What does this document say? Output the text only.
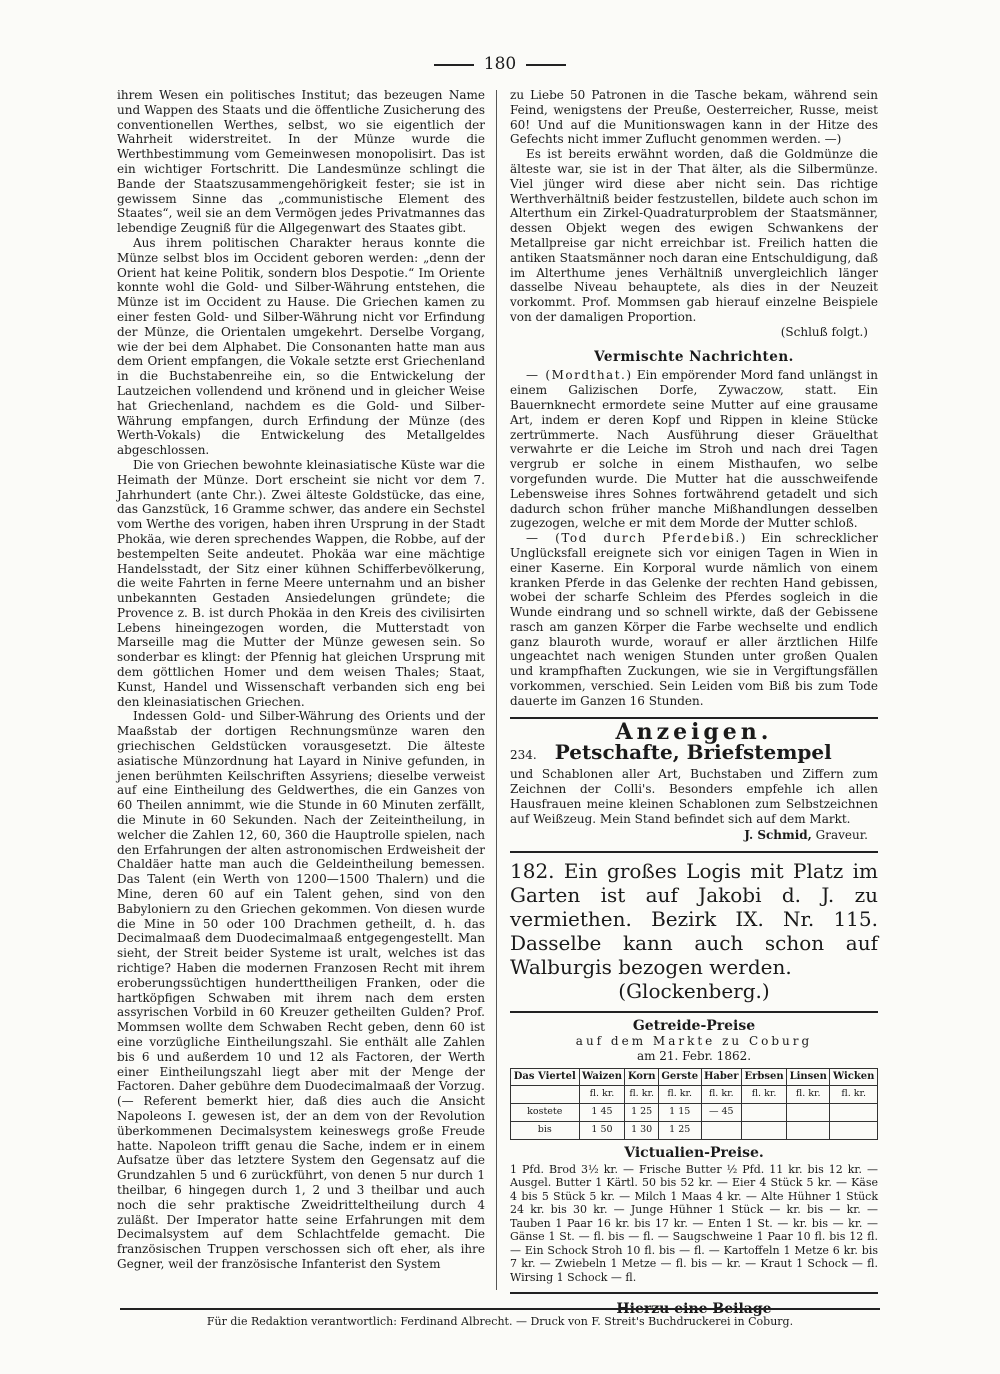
180

ihrem Wesen ein politisches Institut; das bezeugen Name und Wappen des Staats und die öffentliche Zusicherung des conventionellen Werthes, selbst, wo sie eigentlich der Wahrheit widerstreitet. In der Münze wurde die Werthbestimmung vom Gemeinwesen monopolisirt. Das ist ein wichtiger Fortschritt. Die Landesmünze schlingt die Bande der Staatszusammengehörigkeit fester; sie ist in gewissem Sinne das „communistische Element des Staates“, weil sie an dem Vermögen jedes Privatmannes das lebendige Zeugniß für die Allgegenwart des Staates gibt.

Aus ihrem politischen Charakter heraus konnte die Münze selbst blos im Occident geboren werden: „denn der Orient hat keine Politik, sondern blos Despotie.“ Im Oriente konnte wohl die Gold- und Silber-Währung entstehen, die Münze ist im Occident zu Hause. Die Griechen kamen zu einer festen Gold- und Silber-Währung nicht vor Erfindung der Münze, die Orientalen umgekehrt. Derselbe Vorgang, wie der bei dem Alphabet. Die Consonanten hatte man aus dem Orient empfangen, die Vokale setzte erst Griechenland in die Buchstabenreihe ein, so die Entwickelung der Lautzeichen vollendend und krönend und in gleicher Weise hat Griechenland, nachdem es die Gold- und Silber-Währung empfangen, durch Erfindung der Münze (des Werth-Vokals) die Entwickelung des Metallgeldes abgeschlossen.

Die von Griechen bewohnte kleinasiatische Küste war die Heimath der Münze. Dort erscheint sie nicht vor dem 7. Jahrhundert (ante Chr.). Zwei älteste Goldstücke, das eine, das Ganzstück, 16 Gramme schwer, das andere ein Sechstel vom Werthe des vorigen, haben ihren Ursprung in der Stadt Phokäa, wie deren sprechendes Wappen, die Robbe, auf der bestempelten Seite andeutet. Phokäa war eine mächtige Handelsstadt, der Sitz einer kühnen Schifferbevölkerung, die weite Fahrten in ferne Meere unternahm und an bisher unbekannten Gestaden Ansiedelungen gründete; die Provence z. B. ist durch Phokäa in den Kreis des civilisirten Lebens hineingezogen worden, die Mutterstadt von Marseille mag die Mutter der Münze gewesen sein. So sonderbar es klingt: der Pfennig hat gleichen Ursprung mit dem göttlichen Homer und dem weisen Thales; Staat, Kunst, Handel und Wissenschaft verbanden sich eng bei den kleinasiatischen Griechen.

Indessen Gold- und Silber-Währung des Orients und der Maaßstab der dortigen Rechnungsmünze waren den griechischen Geldstücken vorausgesetzt. Die älteste asiatische Münzordnung hat Layard in Ninive gefunden, in jenen berühmten Keilschriften Assyriens; dieselbe verweist auf eine Eintheilung des Geldwerthes, die ein Ganzes von 60 Theilen annimmt, wie die Stunde in 60 Minuten zerfällt, die Minute in 60 Sekunden. Nach der Zeiteintheilung, in welcher die Zahlen 12, 60, 360 die Hauptrolle spielen, nach den Erfahrungen der alten astronomischen Erdweisheit der Chaldäer hatte man auch die Geldeintheilung bemessen. Das Talent (ein Werth von 1200—1500 Thalern) und die Mine, deren 60 auf ein Talent gehen, sind von den Babyloniern zu den Griechen gekommen. Von diesen wurde die Mine in 50 oder 100 Drachmen getheilt, d. h. das Decimalmaaß dem Duodecimalmaaß entgegengestellt. Man sieht, der Streit beider Systeme ist uralt, welches ist das richtige? Haben die modernen Franzosen Recht mit ihrem eroberungssüchtigen hunderttheiligen Franken, oder die hartköpfigen Schwaben mit ihrem nach dem ersten assyrischen Vorbild in 60 Kreuzer getheilten Gulden? Prof. Mommsen wollte dem Schwaben Recht geben, denn 60 ist eine vorzügliche Eintheilungszahl. Sie enthält alle Zahlen bis 6 und außerdem 10 und 12 als Factoren, der Werth einer Eintheilungszahl liegt aber mit der Menge der Factoren. Daher gebühre dem Duodecimalmaaß der Vorzug. (— Referent bemerkt hier, daß dies auch die Ansicht Napoleons I. gewesen ist, der an dem von der Revolution überkommenen Decimalsystem keineswegs große Freude hatte. Napoleon trifft genau die Sache, indem er in einem Aufsatze über das letztere System den Gegensatz auf die Grundzahlen 5 und 6 zurückführt, von denen 5 nur durch 1 theilbar, 6 hingegen durch 1, 2 und 3 theilbar und auch noch die sehr praktische Zweidritteltheilung durch 4 zuläßt. Der Imperator hatte seine Erfahrungen mit dem Decimalsystem auf dem Schlachtfelde gemacht. Die französischen Truppen verschossen sich oft eher, als ihre Gegner, weil der französische Infanterist den System

zu Liebe 50 Patronen in die Tasche bekam, während sein Feind, wenigstens der Preuße, Oesterreicher, Russe, meist 60! Und auf die Munitionswagen kann in der Hitze des Gefechts nicht immer Zuflucht genommen werden. —)

Es ist bereits erwähnt worden, daß die Goldmünze die älteste war, sie ist in der That älter, als die Silbermünze. Viel jünger wird diese aber nicht sein. Das richtige Werthverhältniß beider festzustellen, bildete auch schon im Alterthum ein Zirkel-Quadraturproblem der Staatsmänner, dessen Objekt wegen des ewigen Schwankens der Metallpreise gar nicht erreichbar ist. Freilich hatten die antiken Staatsmänner noch daran eine Entschuldigung, daß im Alterthume jenes Verhältniß unvergleichlich länger dasselbe Niveau behauptete, als dies in der Neuzeit vorkommt. Prof. Mommsen gab hierauf einzelne Beispiele von der damaligen Proportion.

(Schluß folgt.)
Vermischte Nachrichten.

— (Mordthat.) Ein empörender Mord fand unlängst in einem Galizischen Dorfe, Zywaczow, statt. Ein Bauernknecht ermordete seine Mutter auf eine grausame Art, indem er deren Kopf und Rippen in kleine Stücke zertrümmerte. Nach Ausführung dieser Gräuelthat verwahrte er die Leiche im Stroh und nach drei Tagen vergrub er solche in einem Misthaufen, wo selbe vorgefunden wurde. Die Mutter hat die ausschweifende Lebensweise ihres Sohnes fortwährend getadelt und sich dadurch schon früher manche Mißhandlungen desselben zugezogen, welche er mit dem Morde der Mutter schloß.

— (Tod durch Pferdebiß.) Ein schrecklicher Unglücksfall ereignete sich vor einigen Tagen in Wien in einer Kaserne. Ein Korporal wurde nämlich von einem kranken Pferde in das Gelenke der rechten Hand gebissen, wobei der scharfe Schleim des Pferdes sogleich in die Wunde eindrang und so schnell wirkte, daß der Gebissene rasch am ganzen Körper die Farbe wechselte und endlich ganz blauroth wurde, worauf er aller ärztlichen Hilfe ungeachtet nach wenigen Stunden unter großen Qualen und krampfhaften Zuckungen, wie sie in Vergiftungsfällen vorkommen, verschied. Sein Leiden vom Biß bis zum Tode dauerte im Ganzen 16 Stunden.

Anzeigen.
234. Petschafte, Briefstempel

und Schablonen aller Art, Buchstaben und Ziffern zum Zeichnen der Colli's. Besonders empfehle ich allen Hausfrauen meine kleinen Schablonen zum Selbstzeichnen auf Weißzeug. Mein Stand befindet sich auf dem Markt.

J. Schmid, Graveur.
182. Ein großes Logis mit Platz im Garten ist auf Jakobi d. J. zu vermiethen. Bezirk IX. Nr. 115. Dasselbe kann auch schon auf Walburgis bezogen werden.
(Glockenberg.)
Getreide-Preise
auf dem Markte zu Coburg
am 21. Febr. 1862.
Das Viertel	Waizen	Korn	Gerste	Haber	Erbsen	Linsen	Wicken
	fl. kr.	fl. kr.	fl. kr.	fl. kr.	fl. kr.	fl. kr.	fl. kr.
kostete	1 45	1 25	1 15	— 45			
bis	1 50	1 30	1 25				
Victualien-Preise.
1 Pfd. Brod 3½ kr. — Frische Butter ½ Pfd. 11 kr. bis 12 kr. — Ausgel. Butter 1 Kärtl. 50 bis 52 kr. — Eier 4 Stück 5 kr. — Käse 4 bis 5 Stück 5 kr. — Milch 1 Maas 4 kr. — Alte Hühner 1 Stück 24 kr. bis 30 kr. — Junge Hühner 1 Stück — kr. bis — kr. — Tauben 1 Paar 16 kr. bis 17 kr. — Enten 1 St. — kr. bis — kr. — Gänse 1 St. — fl. bis — fl. — Saugschweine 1 Paar 10 fl. bis 12 fl. — Ein Schock Stroh 10 fl. bis — fl. — Kartoffeln 1 Metze 6 kr. bis 7 kr. — Zwiebeln 1 Metze — fl. bis — kr. — Kraut 1 Schock — fl. Wirsing 1 Schock — fl.
Hierzu eine Beilage
Für die Redaktion verantwortlich: Ferdinand Albrecht. — Druck von F. Streit's Buchdruckerei in Coburg.
